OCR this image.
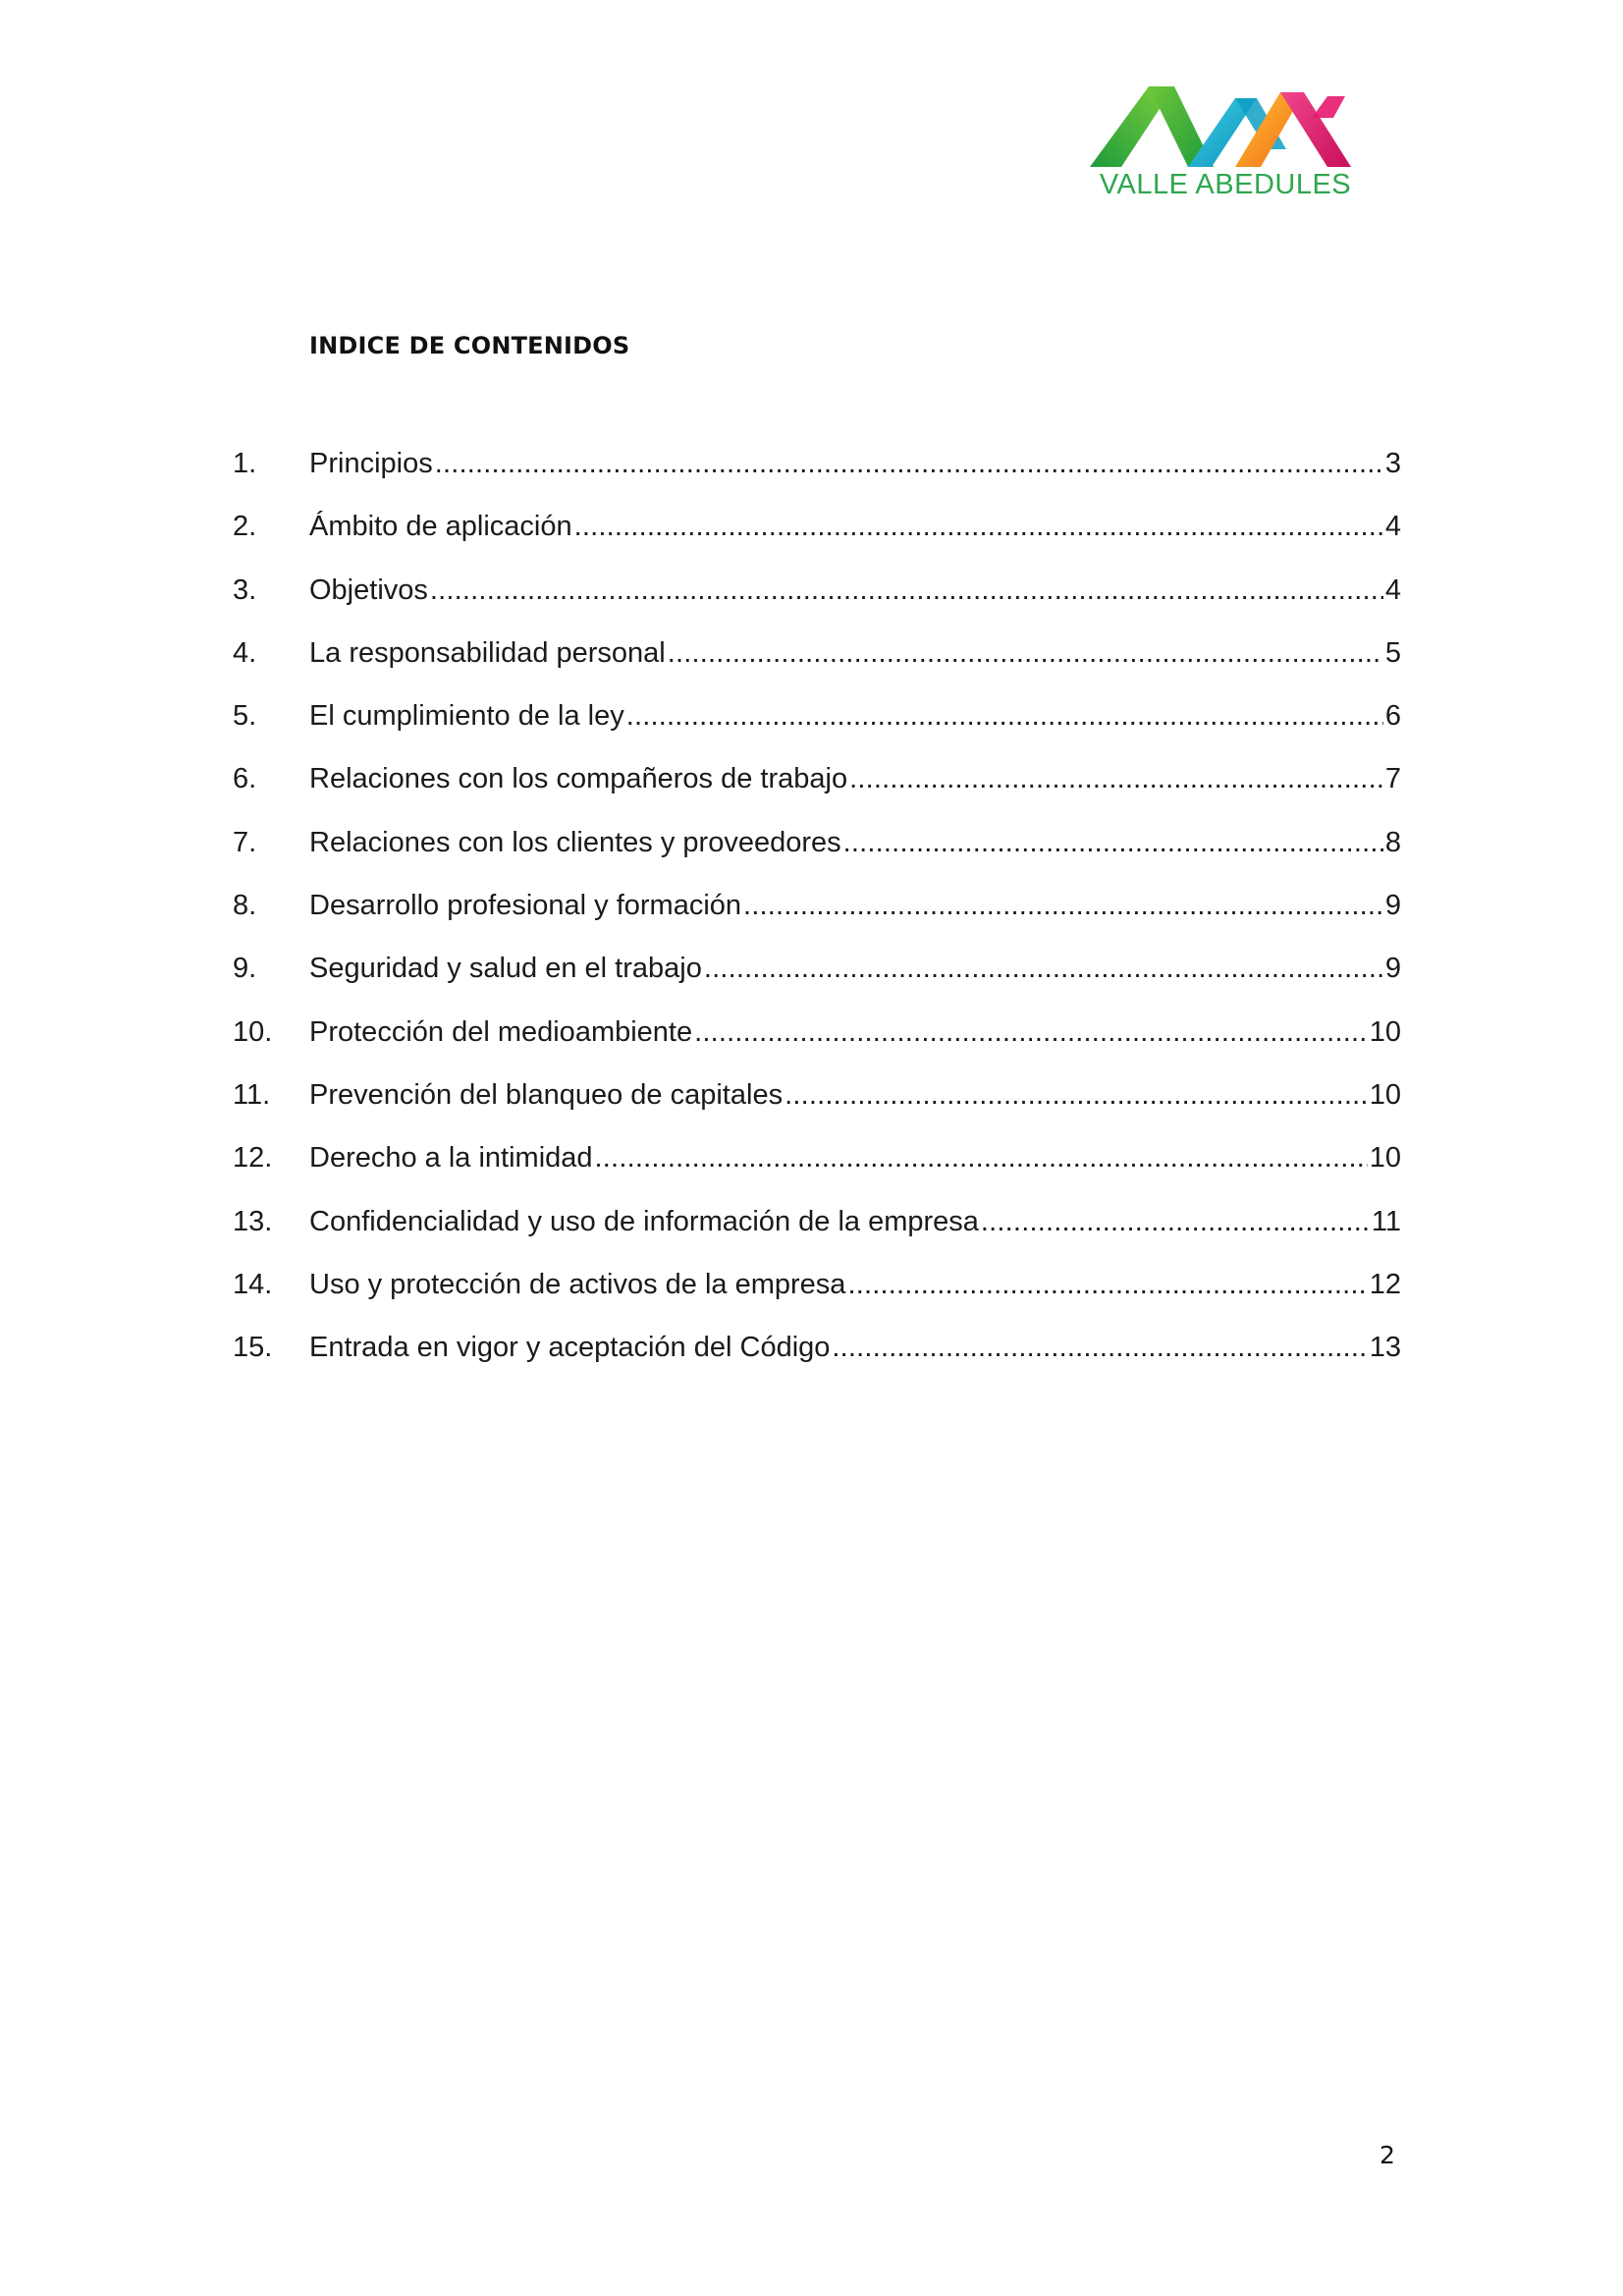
VALLE ABEDULES
INDICE DE CONTENIDOS
1.	Principios .....	3
2.	Ámbito de aplicación .....	4
3.	Objetivos .....	4
4.	La responsabilidad personal .....	5
5.	El cumplimiento de la ley .....	6
6.	Relaciones con los compañeros de trabajo .....	7
7.	Relaciones con los clientes y proveedores .....	8
8.	Desarrollo profesional y formación .....	9
9.	Seguridad y salud en el trabajo .....	9
10.	Protección del medioambiente .....	10
11.	Prevención del blanqueo de capitales .....	10
12.	Derecho a la intimidad .....	10
13.	Confidencialidad y uso de información de la empresa .....	11
14.	Uso y protección de activos de la empresa .....	12
15.	Entrada en vigor y aceptación del Código .....	13
2
